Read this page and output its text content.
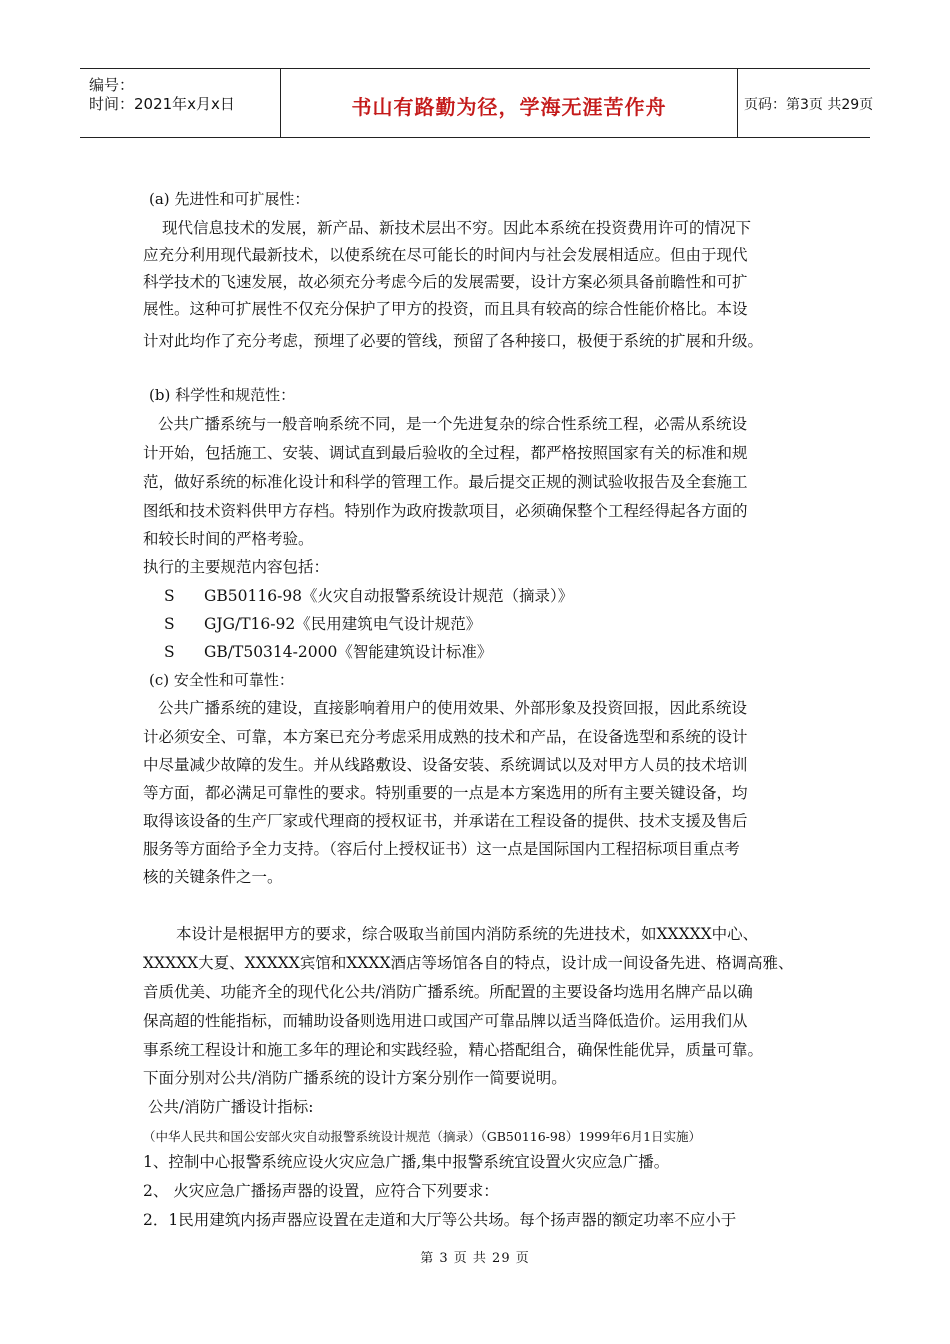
编号：
时间：2021年x月x日	书山有路勤为径，学海无涯苦作舟	页码：第3页 共29页
(a) 先进性和可扩展性：
现代信息技术的发展，新产品、新技术层出不穷。因此本系统在投资费用许可的情况下
应充分利用现代最新技术，以使系统在尽可能长的时间内与社会发展相适应。但由于现代
科学技术的飞速发展，故必须充分考虑今后的发展需要，设计方案必须具备前瞻性和可扩
展性。这种可扩展性不仅充分保护了甲方的投资，而且具有较高的综合性能价格比。本设
计对此均作了充分考虑，预埋了必要的管线，预留了各种接口，极便于系统的扩展和升级。
(b) 科学性和规范性：
公共广播系统与一般音响系统不同，是一个先进复杂的综合性系统工程，必需从系统设
计开始，包括施工、安装、调试直到最后验收的全过程，都严格按照国家有关的标准和规
范，做好系统的标准化设计和科学的管理工作。最后提交正规的测试验收报告及全套施工
图纸和技术资料供甲方存档。特别作为政府拨款项目，必须确保整个工程经得起各方面的
和较长时间的严格考验。
执行的主要规范内容包括：
S GB50116-98《火灾自动报警系统设计规范（摘录）》
S GJG/T16-92《民用建筑电气设计规范》
S GB/T50314-2000《智能建筑设计标准》
(c) 安全性和可靠性：
公共广播系统的建设，直接影响着用户的使用效果、外部形象及投资回报，因此系统设
计必须安全、可靠，本方案已充分考虑采用成熟的技术和产品，在设备选型和系统的设计
中尽量减少故障的发生。并从线路敷设、设备安装、系统调试以及对甲方人员的技术培训
等方面，都必满足可靠性的要求。特别重要的一点是本方案选用的所有主要关键设备，均
取得该设备的生产厂家或代理商的授权证书，并承诺在工程设备的提供、技术支援及售后
服务等方面给予全力支持。（容后付上授权证书）这一点是国际国内工程招标项目重点考
核的关键条件之一。
本设计是根据甲方的要求，综合吸取当前国内消防系统的先进技术，如XXXXX中心、
XXXXX大夏、XXXXX宾馆和XXXX酒店等场馆各自的特点，设计成一间设备先进、格调高雅、
音质优美、功能齐全的现代化公共/消防广播系统。所配置的主要设备均选用名牌产品以确
保高超的性能指标，而辅助设备则选用进口或国产可靠品牌以适当降低造价。运用我们从
事系统工程设计和施工多年的理论和实践经验，精心搭配组合，确保性能优异，质量可靠。
下面分别对公共/消防广播系统的设计方案分别作一简要说明。
公共/消防广播设计指标:
（中华人民共和国公安部火灾自动报警系统设计规范（摘录）（GB50116-98）1999年6月1日实施）
1、控制中心报警系统应设火灾应急广播,集中报警系统宜设置火灾应急广播。
2、 火灾应急广播扬声器的设置，应符合下列要求：
2．1民用建筑内扬声器应设置在走道和大厅等公共场。每个扬声器的额定功率不应小于
第 3 页 共 29 页
